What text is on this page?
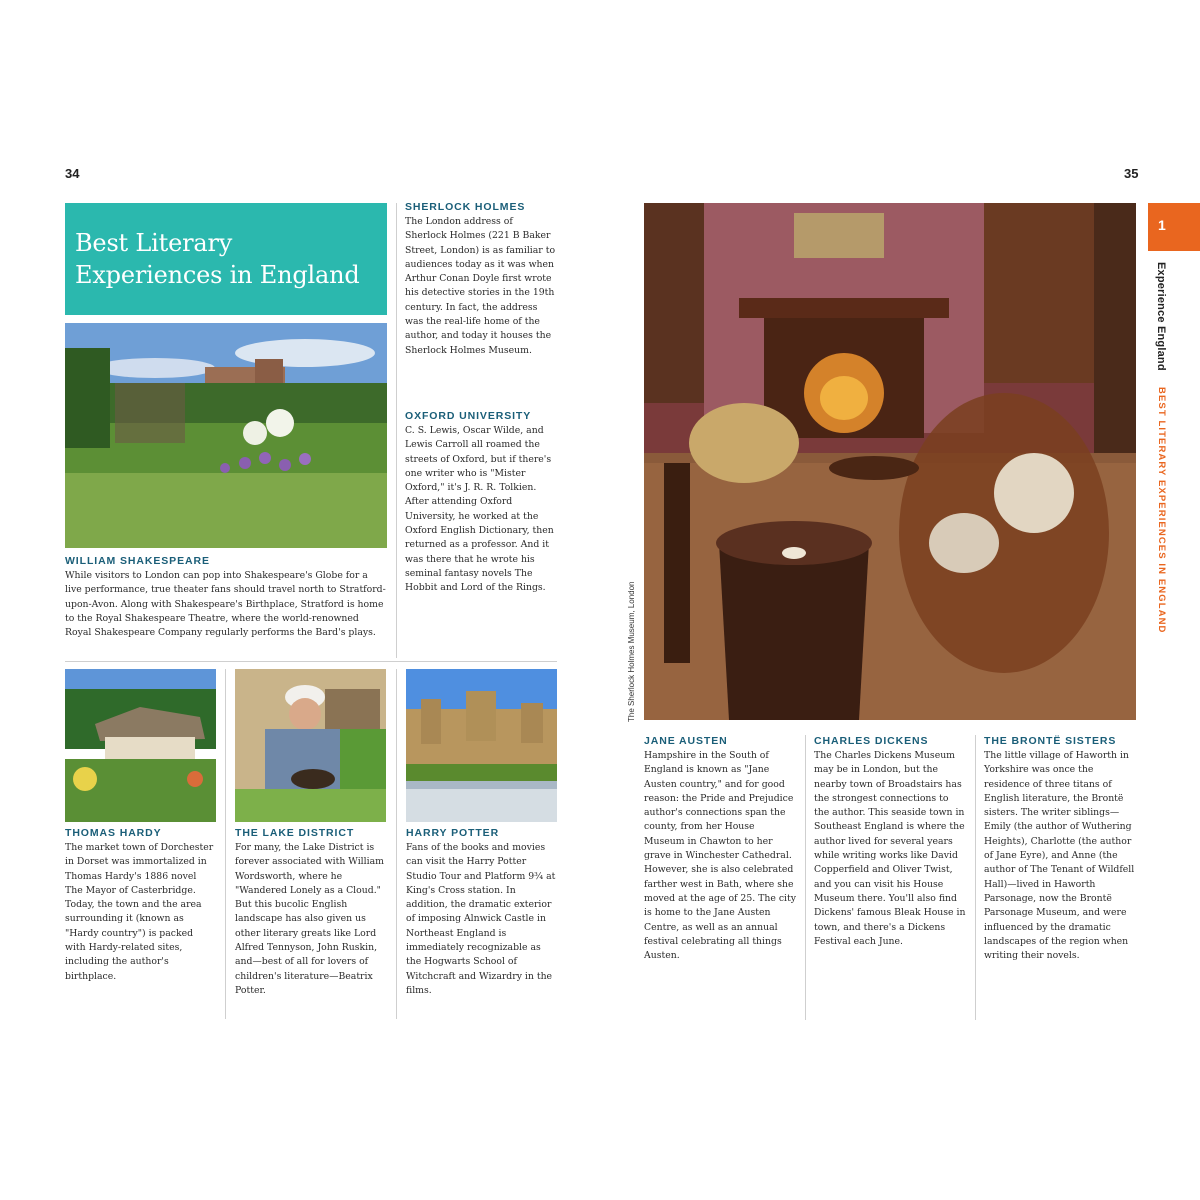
34	35
Best Literary Experiences in England
WILLIAM SHAKESPEARE

While visitors to London can pop into Shakespeare's Globe for a live performance, true theater fans should travel north to Stratford-upon-Avon. Along with Shakespeare's Birthplace, Stratford is home to the Royal Shakespeare Theatre, where the world-renowned Royal Shakespeare Company regularly performs the Bard's plays.

SHERLOCK HOLMES

The London address of Sherlock Holmes (221 B Baker Street, London) is as familiar to audiences today as it was when Arthur Conan Doyle first wrote his detective stories in the 19th century. In fact, the address was the real-life home of the author, and today it houses the Sherlock Holmes Museum.

OXFORD UNIVERSITY

C. S. Lewis, Oscar Wilde, and Lewis Carroll all roamed the streets of Oxford, but if there's one writer who is "Mister Oxford," it's J. R. R. Tolkien. After attending Oxford University, he worked at the Oxford English Dictionary, then returned as a professor. And it was there that he wrote his seminal fantasy novels The Hobbit and Lord of the Rings.

THOMAS HARDY

The market town of Dorchester in Dorset was immortalized in Thomas Hardy's 1886 novel The Mayor of Casterbridge. Today, the town and the area surrounding it (known as "Hardy country") is packed with Hardy-related sites, including the author's birthplace.

THE LAKE DISTRICT

For many, the Lake District is forever associated with William Wordsworth, where he "Wandered Lonely as a Cloud." But this bucolic English landscape has also given us other literary greats like Lord Alfred Tennyson, John Ruskin, and—best of all for lovers of children's literature—Beatrix Potter.

HARRY POTTER

Fans of the books and movies can visit the Harry Potter Studio Tour and Platform 9¾ at King's Cross station. In addition, the dramatic exterior of imposing Alnwick Castle in Northeast England is immediately recognizable as the Hogwarts School of Witchcraft and Wizardry in the films.

The Sherlock Holmes Museum, London
JANE AUSTEN

Hampshire in the South of England is known as "Jane Austen country," and for good reason: the Pride and Prejudice author's connections span the county, from her House Museum in Chawton to her grave in Winchester Cathedral. However, she is also celebrated farther west in Bath, where she moved at the age of 25. The city is home to the Jane Austen Centre, as well as an annual festival celebrating all things Austen.

CHARLES DICKENS

The Charles Dickens Museum may be in London, but the nearby town of Broadstairs has the strongest connections to the author. This seaside town in Southeast England is where the author lived for several years while writing works like David Copperfield and Oliver Twist, and you can visit his House Museum there. You'll also find Dickens' famous Bleak House in town, and there's a Dickens Festival each June.

THE BRONTË SISTERS

The little village of Haworth in Yorkshire was once the residence of three titans of English literature, the Brontë sisters. The writer siblings—Emily (the author of Wuthering Heights), Charlotte (the author of Jane Eyre), and Anne (the author of The Tenant of Wildfell Hall)—lived in Haworth Parsonage, now the Brontë Parsonage Museum, and were influenced by the dramatic landscapes of the region when writing their novels.

1
Experience England BEST LITERARY EXPERIENCES IN ENGLAND
